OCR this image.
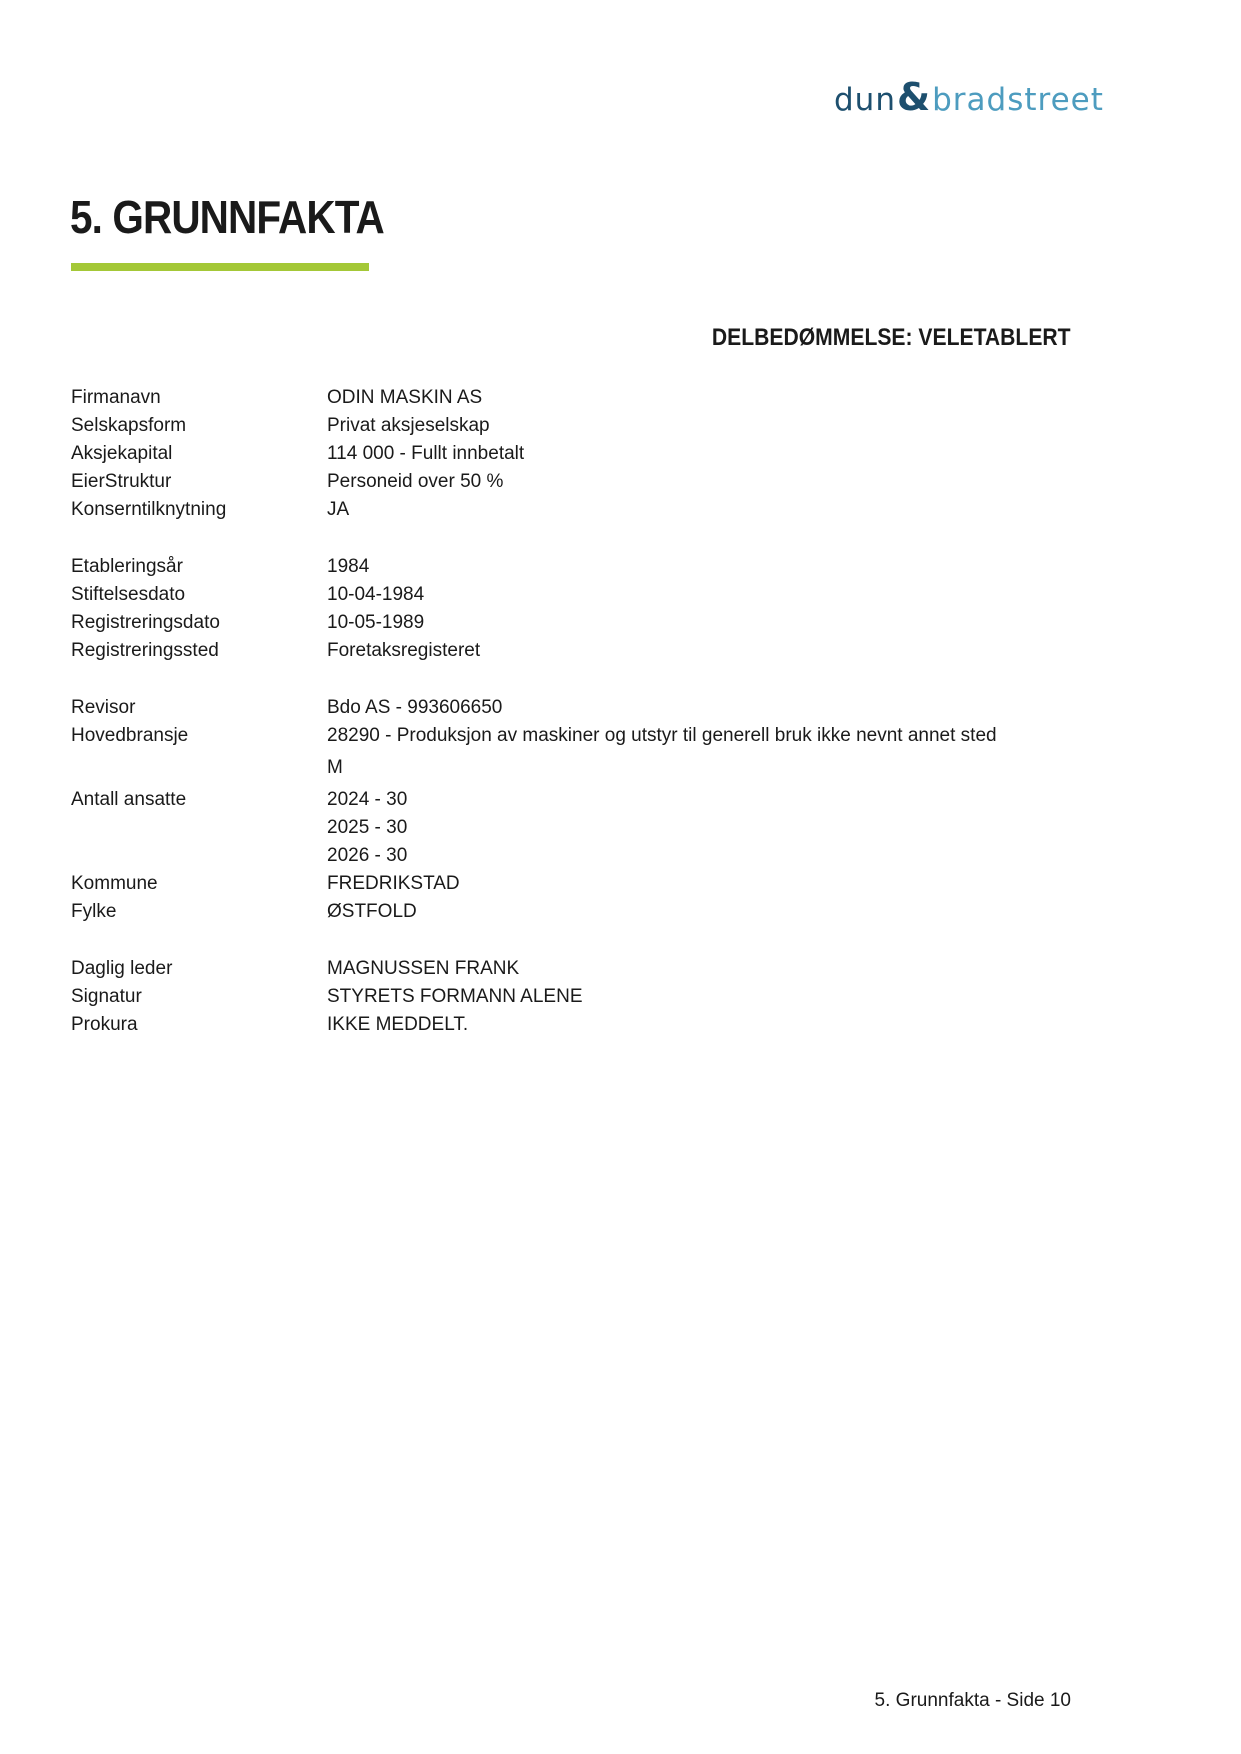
dun&bradstreet
5. GRUNNFAKTA
DELBEDØMMELSE: VELETABLERT
Firmanavn	ODIN MASKIN AS
Selskapsform	Privat aksjeselskap
Aksjekapital	114 000 - Fullt innbetalt
EierStruktur	Personeid over 50 %
Konserntilknytning	JA
Etableringsår	1984
Stiftelsesdato	10-04-1984
Registreringsdato	10-05-1989
Registreringssted	Foretaksregisteret
Revisor	Bdo AS - 993606650
Hovedbransje	28290 - Produksjon av maskiner og utstyr til generell bruk ikke nevnt annet sted
M
Antall ansatte	2024 - 30
2025 - 30
2026 - 30
Kommune	FREDRIKSTAD
Fylke	ØSTFOLD
Daglig leder	MAGNUSSEN FRANK
Signatur	STYRETS FORMANN ALENE
Prokura	IKKE MEDDELT.
5. Grunnfakta - Side 10
